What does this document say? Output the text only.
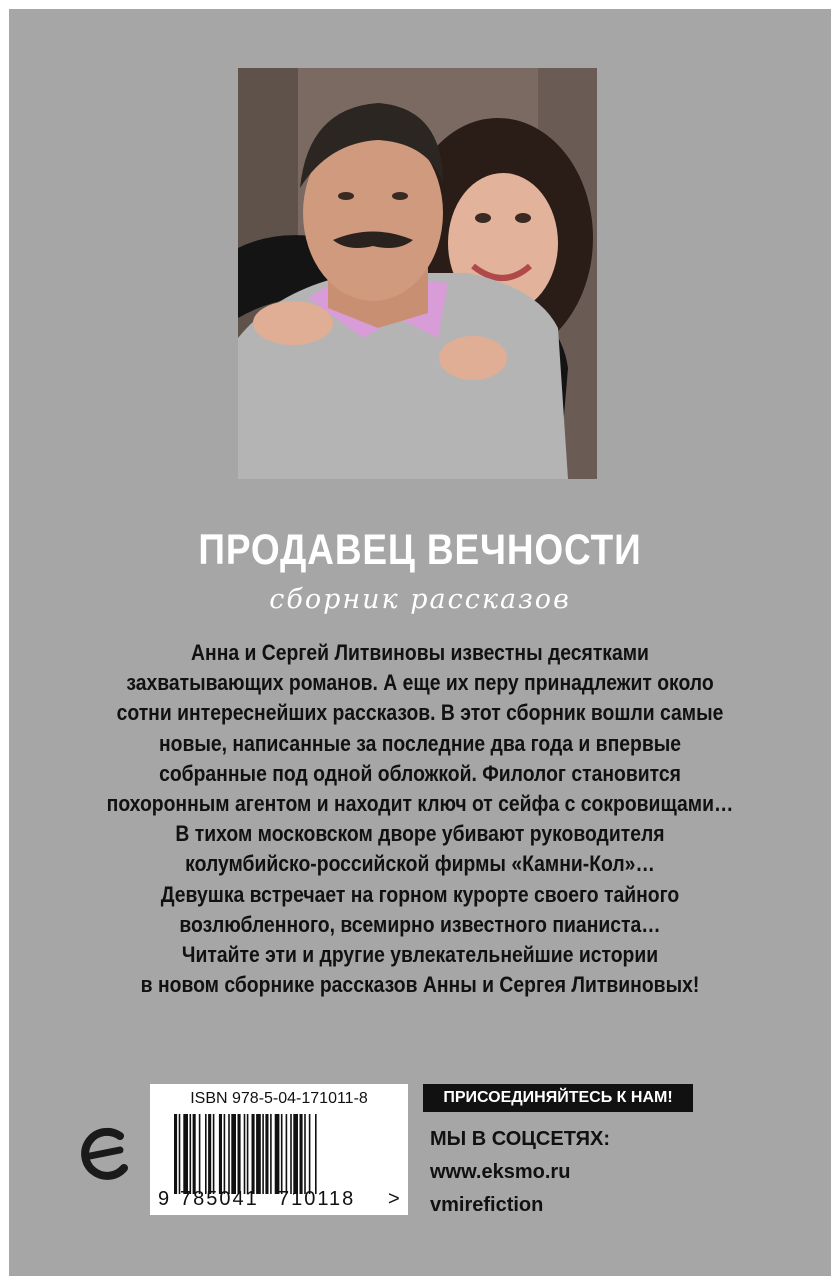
ПРОДАВЕЦ ВЕЧНОСТИ
сборник рассказов
Анна и Сергей Литвиновы известны десятками
захватывающих романов. А еще их перу принадлежит около
сотни интереснейших рассказов. В этот сборник вошли самые
новые, написанные за последние два года и впервые
собранные под одной обложкой. Филолог становится
похоронным агентом и находит ключ от сейфа с сокровищами…
В тихом московском дворе убивают руководителя
колумбийско-российской фирмы «Камни-Кол»…
Девушка встречает на горном курорте своего тайного
возлюбленного, всемирно известного пианиста…
Читайте эти и другие увлекательнейшие истории
в новом сборнике рассказов Анны и Сергея Литвиновых!
ISBN 978-5-04-171011-8
9 785041 710118 >
ПРИСОЕДИНЯЙТЕСЬ К НАМ!
МЫ В СОЦСЕТЯХ:
www.eksmo.ru
vmirefiction
